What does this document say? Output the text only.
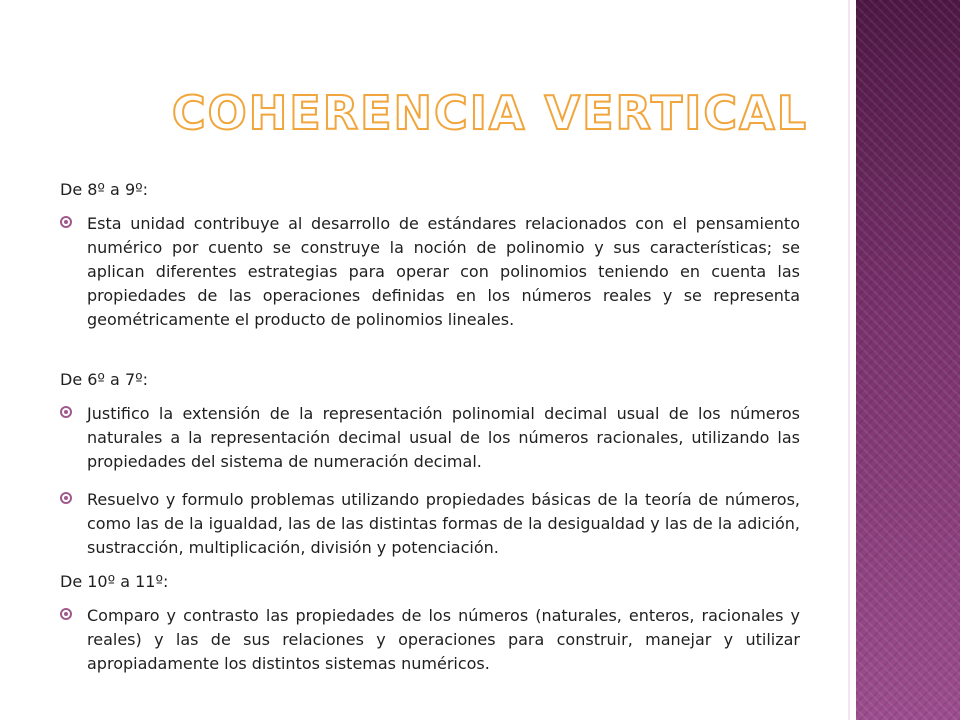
COHERENCIA VERTICAL

De 8º a 9º:

Esta unidad contribuye al desarrollo de estándares relacionados con el pensamiento numérico por cuento se construye la noción de polinomio y sus características; se aplican diferentes estrategias para operar con polinomios teniendo en cuenta las propiedades de las operaciones definidas en los números reales y se representa geométricamente el producto de polinomios lineales.

De 6º a 7º:

Justifico la extensión de la representación polinomial decimal usual de los números naturales a la representación decimal usual de los números racionales, utilizando las propiedades del sistema de numeración decimal.
Resuelvo y formulo problemas utilizando propiedades básicas de la teoría de números, como las de la igualdad, las de las distintas formas de la desigualdad y las de la adición, sustracción, multiplicación, división y potenciación.

De 10º a 11º:

Comparo y contrasto las propiedades de los números (naturales, enteros, racionales y reales) y las de sus relaciones y operaciones para construir, manejar y utilizar apropiadamente los distintos sistemas numéricos.
